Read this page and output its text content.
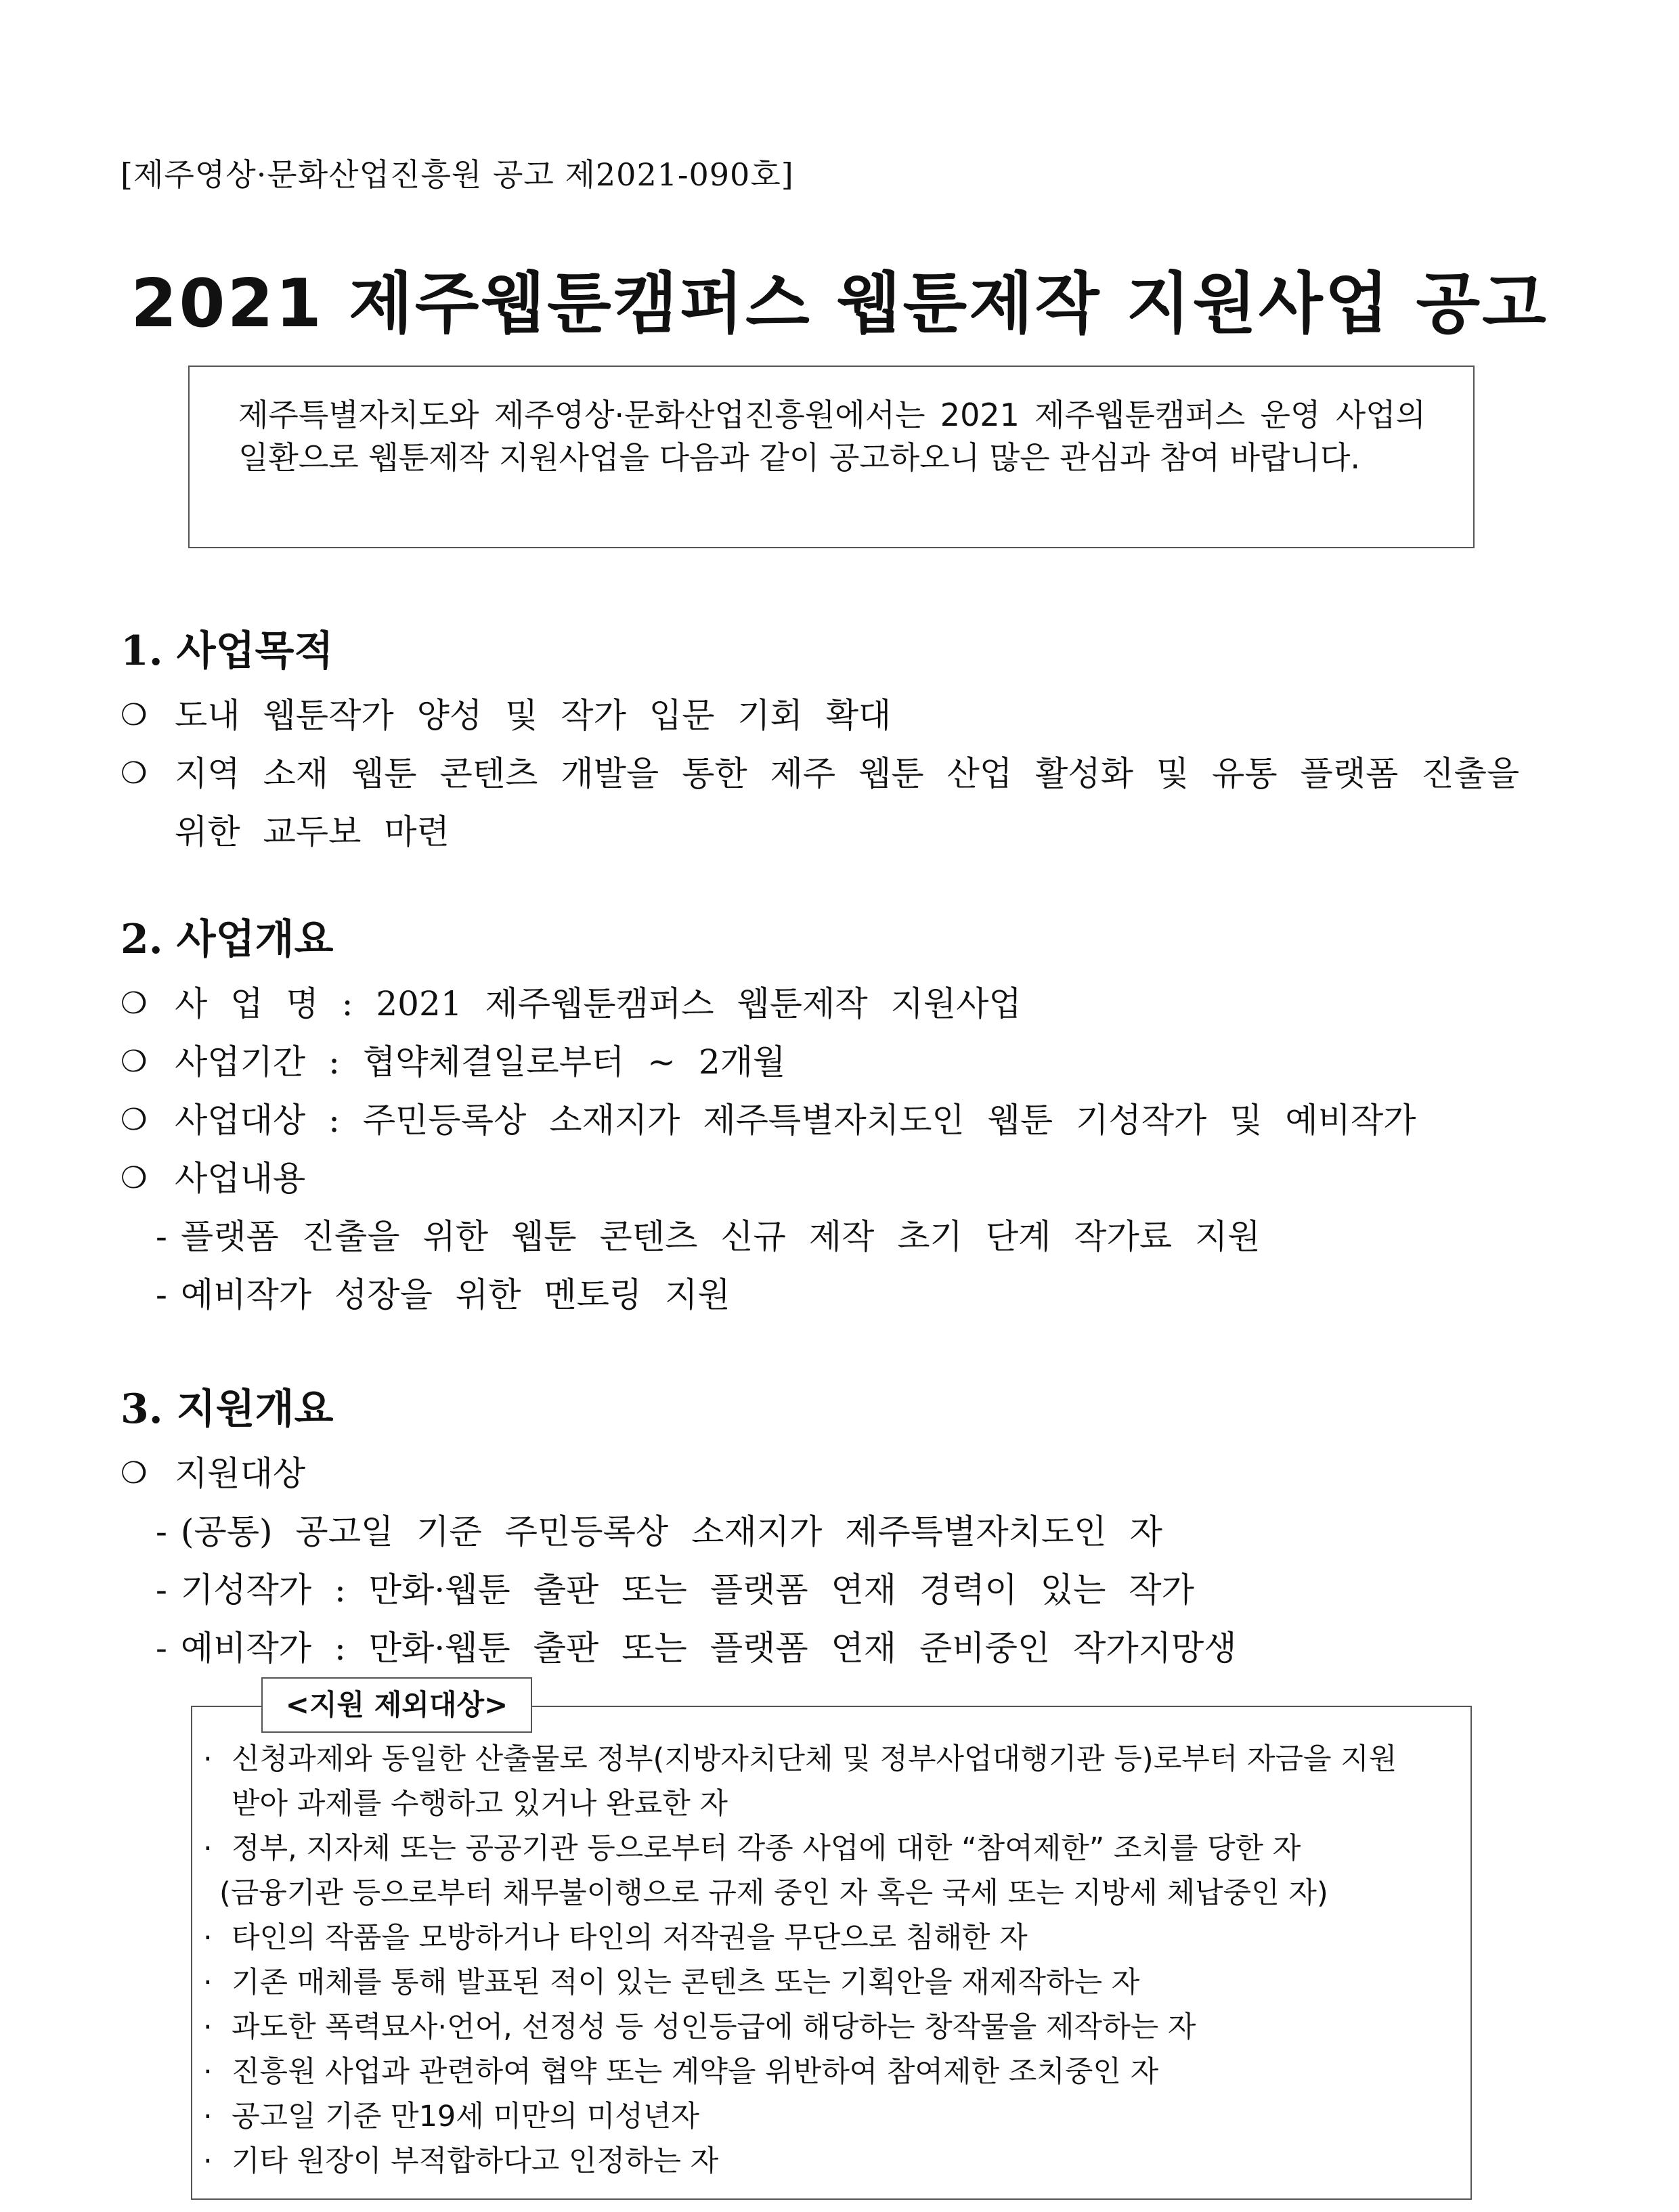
[제주영상·문화산업진흥원 공고 제2021-090호]
2021 제주웹툰캠퍼스 웹툰제작 지원사업 공고
제주특별자치도와 제주영상·문화산업진흥원에서는 2021 제주웹툰캠퍼스 운영 사업의 일환으로 웹툰제작 지원사업을 다음과 같이 공고하오니 많은 관심과 참여 바랍니다.
1. 사업목적
❍ 도내 웹툰작가 양성 및 작가 입문 기회 확대
❍ 지역 소재 웹툰 콘텐츠 개발을 통한 제주 웹툰 산업 활성화 및 유통 플랫폼 진출을
위한 교두보 마련
2. 사업개요
❍ 사 업 명 : 2021 제주웹툰캠퍼스 웹툰제작 지원사업
❍ 사업기간 : 협약체결일로부터 ~ 2개월
❍ 사업대상 : 주민등록상 소재지가 제주특별자치도인 웹툰 기성작가 및 예비작가
❍ 사업내용
- 플랫폼 진출을 위한 웹툰 콘텐츠 신규 제작 초기 단계 작가료 지원
- 예비작가 성장을 위한 멘토링 지원
3. 지원개요
❍ 지원대상
- (공통) 공고일 기준 주민등록상 소재지가 제주특별자치도인 자
- 기성작가 : 만화·웹툰 출판 또는 플랫폼 연재 경력이 있는 작가
- 예비작가 : 만화·웹툰 출판 또는 플랫폼 연재 준비중인 작가지망생
<지원 제외대상>
· 신청과제와 동일한 산출물로 정부(지방자치단체 및 정부사업대행기관 등)로부터 자금을 지원
받아 과제를 수행하고 있거나 완료한 자
· 정부, 지자체 또는 공공기관 등으로부터 각종 사업에 대한 “참여제한” 조치를 당한 자
(금융기관 등으로부터 채무불이행으로 규제 중인 자 혹은 국세 또는 지방세 체납중인 자)
· 타인의 작품을 모방하거나 타인의 저작권을 무단으로 침해한 자
· 기존 매체를 통해 발표된 적이 있는 콘텐츠 또는 기획안을 재제작하는 자
· 과도한 폭력묘사·언어, 선정성 등 성인등급에 해당하는 창작물을 제작하는 자
· 진흥원 사업과 관련하여 협약 또는 계약을 위반하여 참여제한 조치중인 자
· 공고일 기준 만19세 미만의 미성년자
· 기타 원장이 부적합하다고 인정하는 자
